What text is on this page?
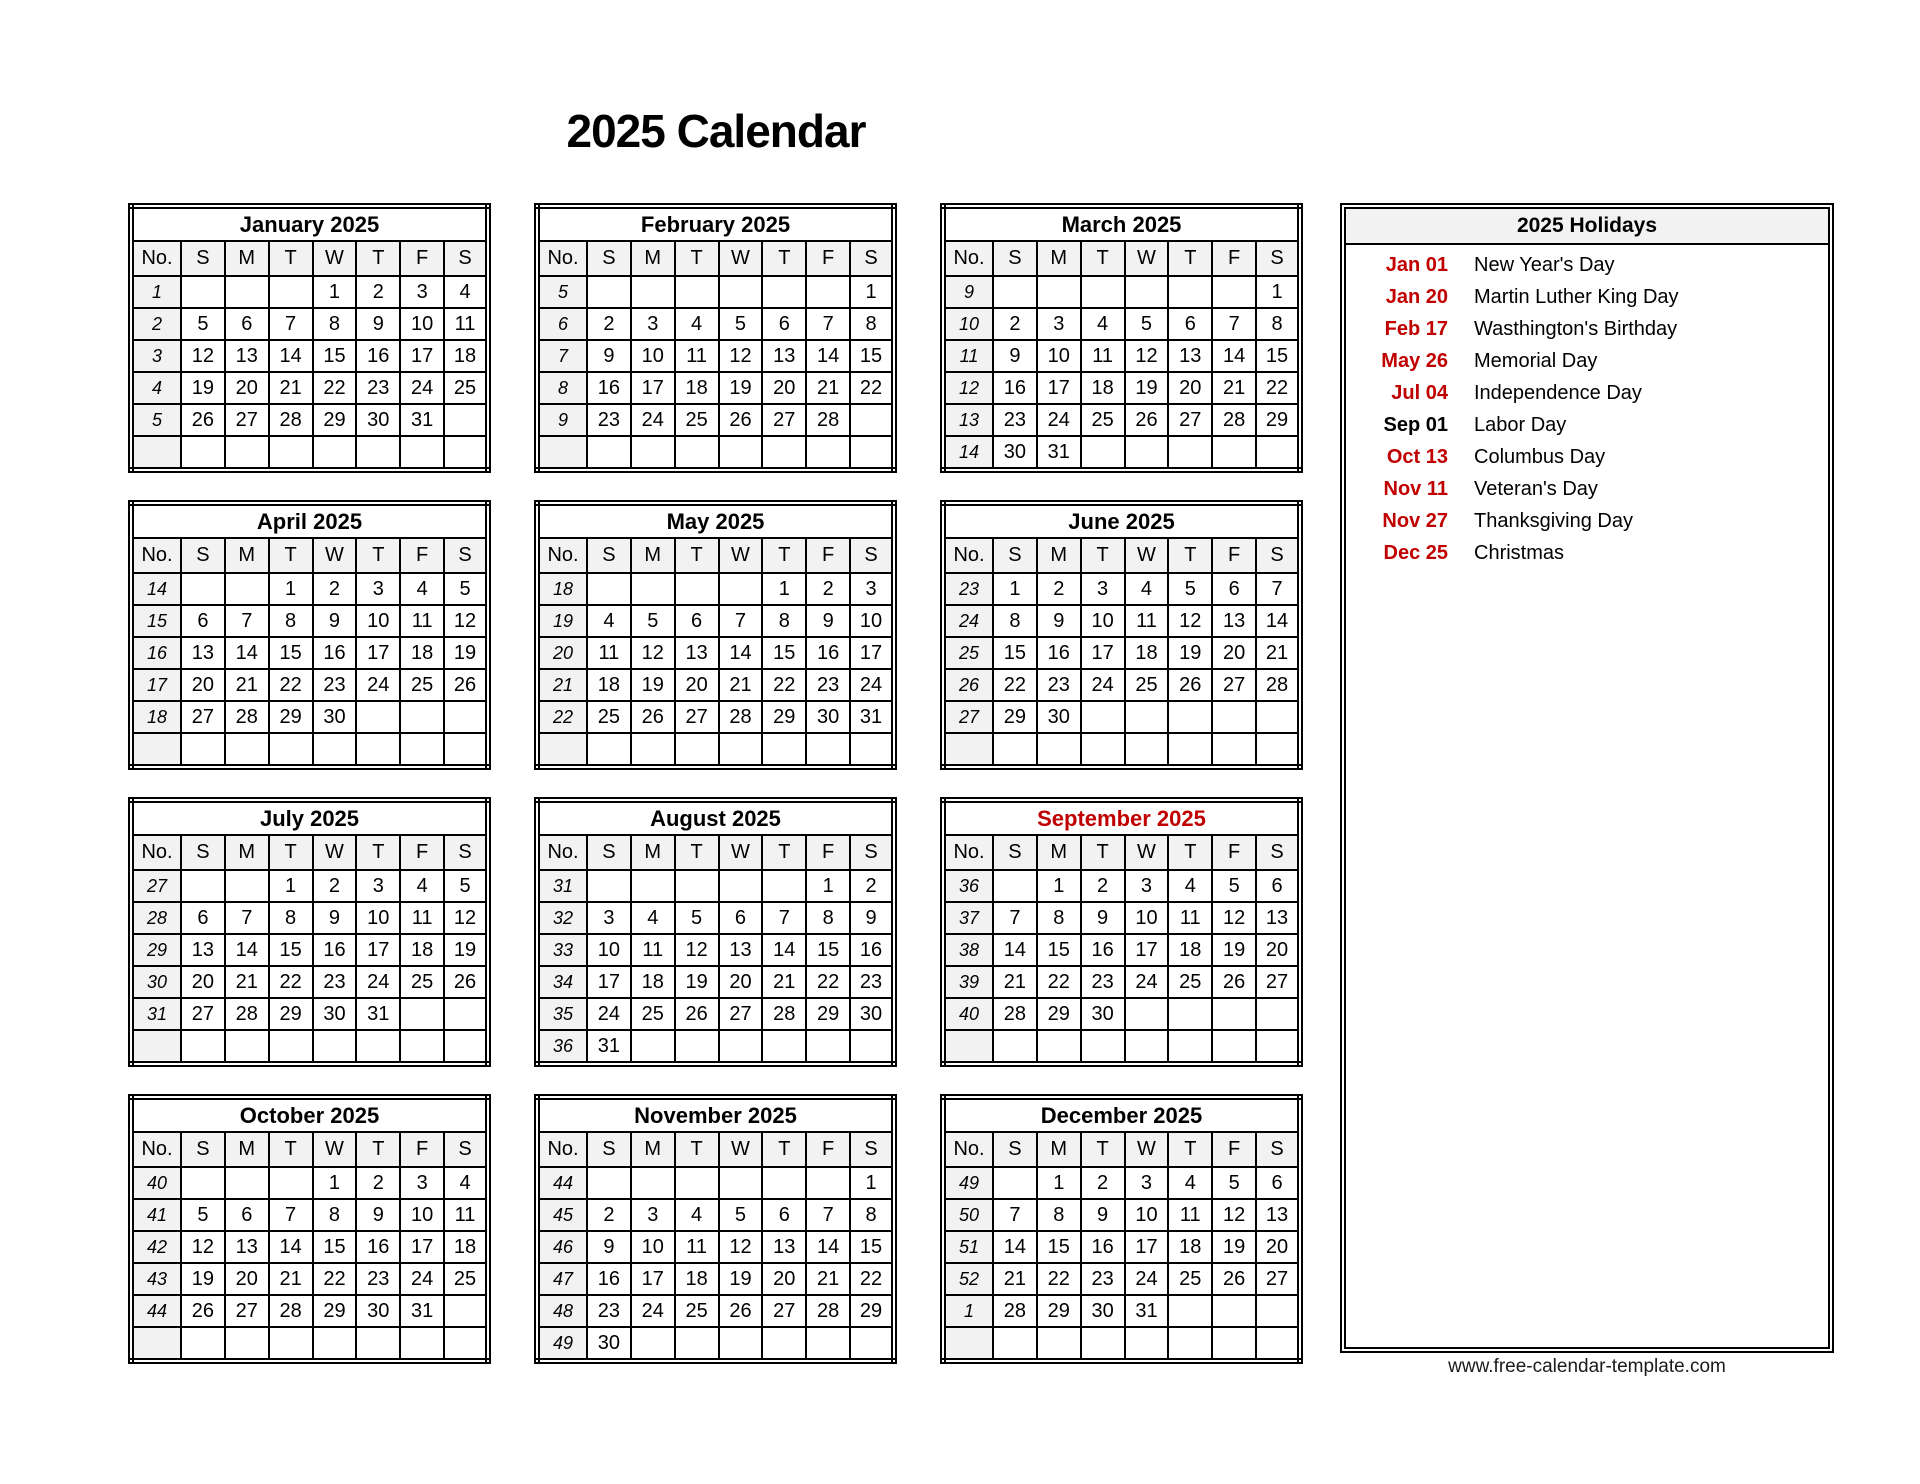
2025 Calendar
January 2025							
No.	S	M	T	W	T	F	S
1				1	2	3	4
2	5	6	7	8	9	10	11
3	12	13	14	15	16	17	18
4	19	20	21	22	23	24	25
5	26	27	28	29	30	31	

February 2025							
No.	S	M	T	W	T	F	S
5							1
6	2	3	4	5	6	7	8
7	9	10	11	12	13	14	15
8	16	17	18	19	20	21	22
9	23	24	25	26	27	28	

March 2025							
No.	S	M	T	W	T	F	S
9							1
10	2	3	4	5	6	7	8
11	9	10	11	12	13	14	15
12	16	17	18	19	20	21	22
13	23	24	25	26	27	28	29
14	30	31					
April 2025							
No.	S	M	T	W	T	F	S
14			1	2	3	4	5
15	6	7	8	9	10	11	12
16	13	14	15	16	17	18	19
17	20	21	22	23	24	25	26
18	27	28	29	30			

May 2025							
No.	S	M	T	W	T	F	S
18					1	2	3
19	4	5	6	7	8	9	10
20	11	12	13	14	15	16	17
21	18	19	20	21	22	23	24
22	25	26	27	28	29	30	31

June 2025							
No.	S	M	T	W	T	F	S
23	1	2	3	4	5	6	7
24	8	9	10	11	12	13	14
25	15	16	17	18	19	20	21
26	22	23	24	25	26	27	28
27	29	30					

July 2025							
No.	S	M	T	W	T	F	S
27			1	2	3	4	5
28	6	7	8	9	10	11	12
29	13	14	15	16	17	18	19
30	20	21	22	23	24	25	26
31	27	28	29	30	31		

August 2025							
No.	S	M	T	W	T	F	S
31						1	2
32	3	4	5	6	7	8	9
33	10	11	12	13	14	15	16
34	17	18	19	20	21	22	23
35	24	25	26	27	28	29	30
36	31						
September 2025							
No.	S	M	T	W	T	F	S
36		1	2	3	4	5	6
37	7	8	9	10	11	12	13
38	14	15	16	17	18	19	20
39	21	22	23	24	25	26	27
40	28	29	30				

October 2025							
No.	S	M	T	W	T	F	S
40				1	2	3	4
41	5	6	7	8	9	10	11
42	12	13	14	15	16	17	18
43	19	20	21	22	23	24	25
44	26	27	28	29	30	31	

November 2025							
No.	S	M	T	W	T	F	S
44							1
45	2	3	4	5	6	7	8
46	9	10	11	12	13	14	15
47	16	17	18	19	20	21	22
48	23	24	25	26	27	28	29
49	30						
December 2025							
No.	S	M	T	W	T	F	S
49		1	2	3	4	5	6
50	7	8	9	10	11	12	13
51	14	15	16	17	18	19	20
52	21	22	23	24	25	26	27
1	28	29	30	31			

2025 Holidays
Jan 01 New Year's Day
Jan 20 Martin Luther King Day
Feb 17 Wasthington's Birthday
May 26 Memorial Day
Jul 04 Independence Day
Sep 01 Labor Day
Oct 13 Columbus Day
Nov 11 Veteran's Day
Nov 27 Thanksgiving Day
Dec 25 Christmas
www.free-calendar-template.com
